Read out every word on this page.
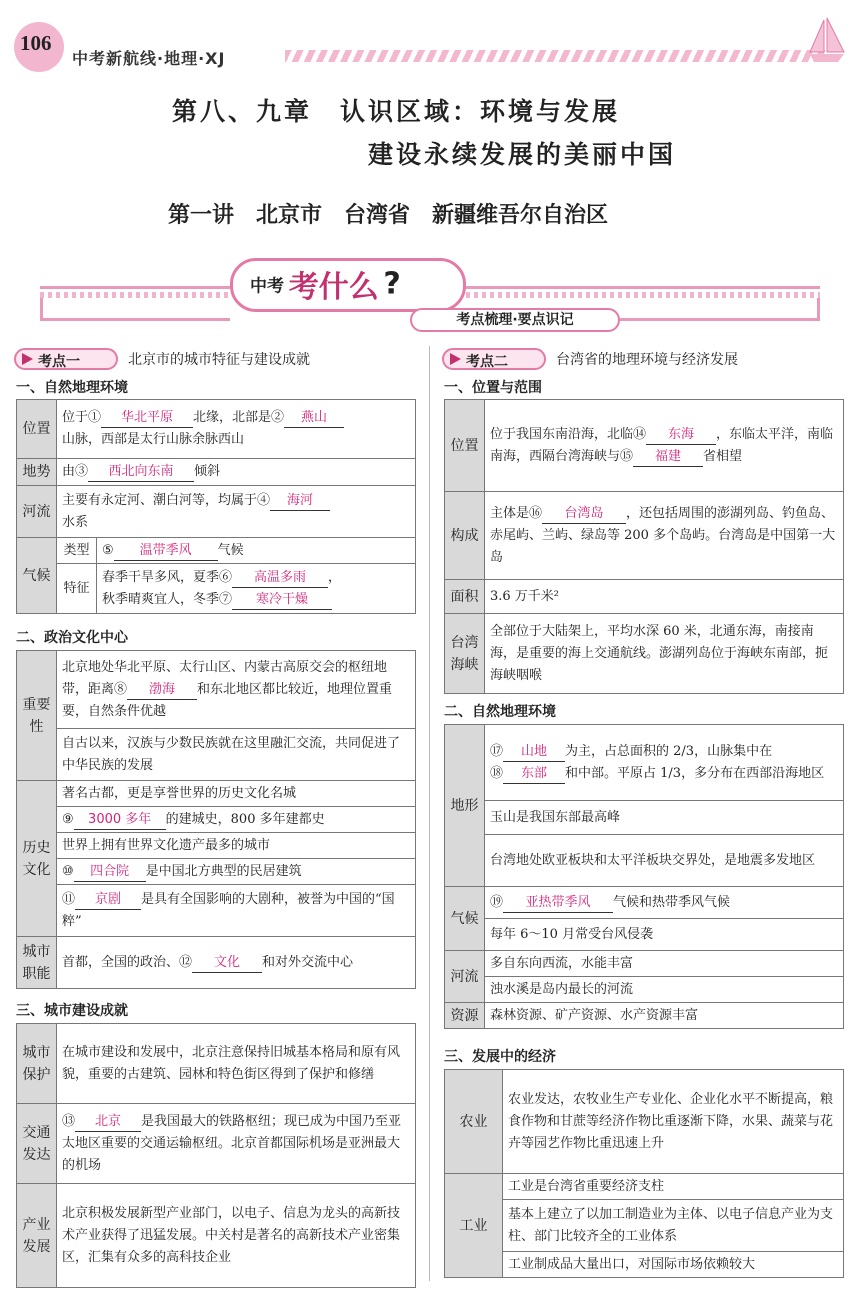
106
中考新航线·地理·XJ
第八、九章　认识区域：环境与发展
建设永续发展的美丽中国
第一讲　北京市　台湾省　新疆维吾尔自治区
中考 考什么 ?
考点梳理·要点识记
考点一	北京市的城市特征与建设成就
一、自然地理环境
位置	位于① 华北平原 北缘，北部是② 燕山
山脉，西部是太行山脉余脉西山	
地势	由③ 西北向东南 倾斜	
河流	主要有永定河、潮白河等，均属于④ 海河
水系	
气候	类型	⑤ 温带季风 气候
	特征	春季干旱多风，夏季⑥ 高温多雨 ，
秋季晴爽宜人，冬季⑦ 寒冷干燥
二、政治文化中心
重要性	北京地处华北平原、太行山区、内蒙古高原交会的枢纽地带，距离⑧ 渤海 和东北地区都比较近，地理位置重要，自然条件优越
	自古以来，汉族与少数民族就在这里融汇交流，共同促进了中华民族的发展
历史文化	著名古都，更是享誉世界的历史文化名城
	⑨ 3000 多年 的建城史，800 多年建都史
	世界上拥有世界文化遗产最多的城市
	⑩ 四合院 是中国北方典型的民居建筑
	⑪ 京剧 是具有全国影响的大剧种，被誉为中国的“国粹”
城市职能	首都，全国的政治、⑫ 文化 和对外交流中心
三、城市建设成就
城市保护	在城市建设和发展中，北京注意保持旧城基本格局和原有风貌，重要的古建筑、园林和特色街区得到了保护和修缮
交通发达	⑬ 北京 是我国最大的铁路枢纽；现已成为中国乃至亚太地区重要的交通运输枢纽。北京首都国际机场是亚洲最大的机场
产业发展	北京积极发展新型产业部门，以电子、信息为龙头的高新技术产业获得了迅猛发展。中关村是著名的高新技术产业密集区，汇集有众多的高科技企业
考点二	台湾省的地理环境与经济发展
一、位置与范围
位置	位于我国东南沿海，北临⑭ 东海 ，东临太平洋，南临南海，西隔台湾海峡与⑮ 福建 省相望
构成	主体是⑯ 台湾岛 ，还包括周围的澎湖列岛、钓鱼岛、赤尾屿、兰屿、绿岛等 200 多个岛屿。台湾岛是中国第一大岛
面积	3.6 万千米²
台湾海峡	全部位于大陆架上，平均水深 60 米，北通东海，南接南海，是重要的海上交通航线。澎湖列岛位于海峡东南部，扼海峡咽喉
二、自然地理环境
地形	⑰ 山地 为主，占总面积的 2/3，山脉集中在
⑱ 东部 和中部。平原占 1/3，多分布在西部沿海地区
	玉山是我国东部最高峰
	台湾地处欧亚板块和太平洋板块交界处，是地震多发地区
气候	⑲ 亚热带季风 气候和热带季风气候
	每年 6～10 月常受台风侵袭
河流	多自东向西流，水能丰富
	浊水溪是岛内最长的河流
资源	森林资源、矿产资源、水产资源丰富
三、发展中的经济
农业	农业发达，农牧业生产专业化、企业化水平不断提高，粮食作物和甘蔗等经济作物比重逐渐下降，水果、蔬菜与花卉等园艺作物比重迅速上升
工业	工业是台湾省重要经济支柱
	基本上建立了以加工制造业为主体、以电子信息产业为支柱、部门比较齐全的工业体系
	工业制成品大量出口，对国际市场依赖较大
